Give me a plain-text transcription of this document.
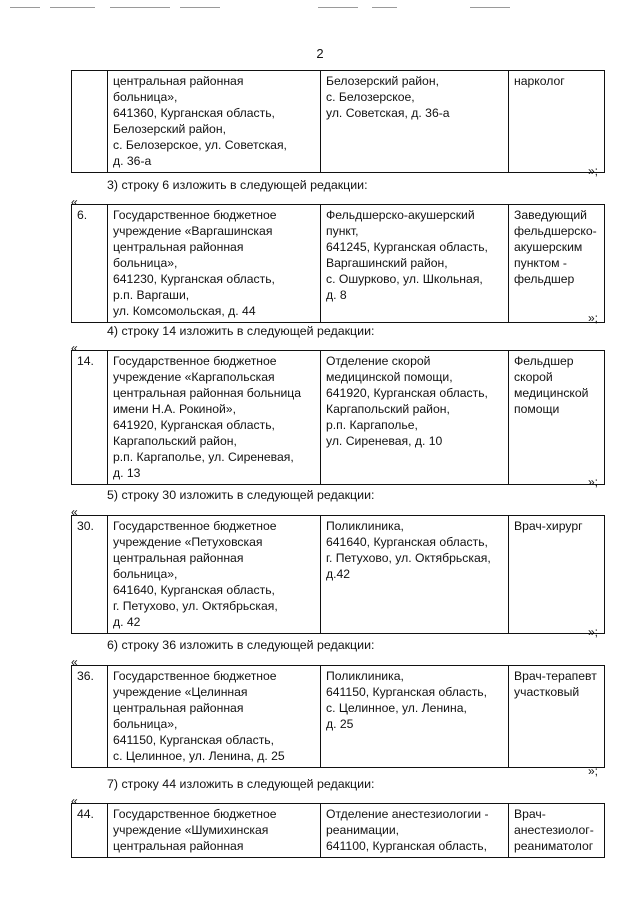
2
	центральная районная
больница»,
641360, Курганская область,
Белозерский район,
с. Белозерское, ул. Советская,
д. 36-а	Белозерский район,
с. Белозерское,
ул. Советская, д. 36-а	нарколог
»;
3) строку 6 изложить в следующей редакции:
«
6.	Государственное бюджетное
учреждение «Варгашинская
центральная районная
больница»,
641230, Курганская область,
р.п. Варгаши,
ул. Комсомольская, д. 44	Фельдшерско-акушерский
пункт,
641245, Курганская область,
Варгашинский район,
с. Ошурково, ул. Школьная,
д. 8	Заведующий
фельдшерско-
акушерским
пунктом -
фельдшер
»;
4) строку 14 изложить в следующей редакции:
«
14.	Государственное бюджетное
учреждение «Каргапольская
центральная районная больница
имени Н.А. Рокиной»,
641920, Курганская область,
Каргапольский район,
р.п. Каргаполье, ул. Сиреневая,
д. 13	Отделение скорой
медицинской помощи,
641920, Курганская область,
Каргапольский район,
р.п. Каргаполье,
ул. Сиреневая, д. 10	Фельдшер
скорой
медицинской
помощи
»;
5) строку 30 изложить в следующей редакции:
«
30.	Государственное бюджетное
учреждение «Петуховская
центральная районная
больница»,
641640, Курганская область,
г. Петухово, ул. Октябрьская,
д. 42	Поликлиника,
641640, Курганская область,
г. Петухово, ул. Октябрьская,
д.42	Врач-хирург
»;
6) строку 36 изложить в следующей редакции:
«
36.	Государственное бюджетное
учреждение «Целинная
центральная районная
больница»,
641150, Курганская область,
с. Целинное, ул. Ленина, д. 25	Поликлиника,
641150, Курганская область,
с. Целинное, ул. Ленина,
д. 25	Врач-терапевт
участковый
»;
7) строку 44 изложить в следующей редакции:
«
44.	Государственное бюджетное
учреждение «Шумихинская
центральная районная	Отделение анестезиологии -
реанимации,
641100, Курганская область,	Врач-
анестезиолог-
реаниматолог
